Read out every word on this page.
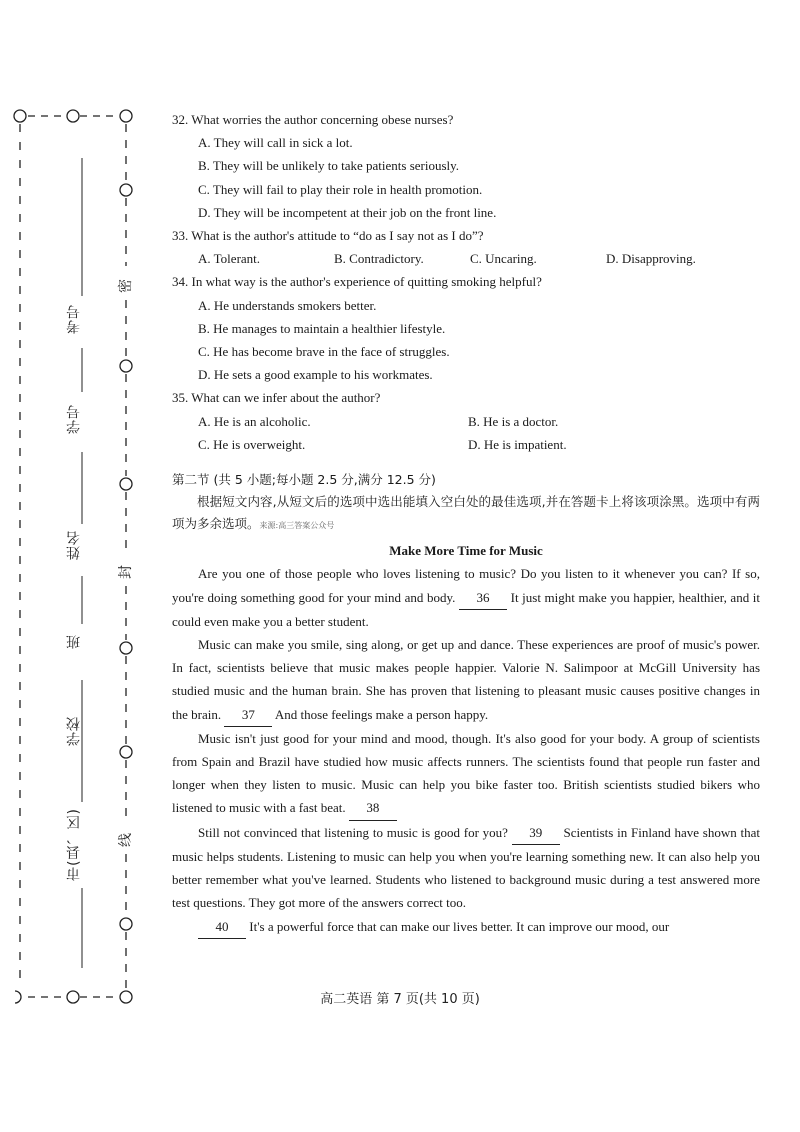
考号
学号
姓名
班
学校
市(县、区)
密
封
线

32. What worries the author concerning obese nurses?

A. They will call in sick a lot.

B. They will be unlikely to take patients seriously.

C. They will fail to play their role in health promotion.

D. They will be incompetent at their job on the front line.

33. What is the author's attitude to “do as I say not as I do”?

A. Tolerant.	B. Contradictory.	C. Uncaring.	D. Disapproving.

34. In what way is the author's experience of quitting smoking helpful?

A. He understands smokers better.

B. He manages to maintain a healthier lifestyle.

C. He has become brave in the face of struggles.

D. He sets a good example to his workmates.

35. What can we infer about the author?

A. He is an alcoholic.	B. He is a doctor.
C. He is overweight.	D. He is impatient.

第二节 (共 5 小题;每小题 2.5 分,满分 12.5 分)

根据短文内容,从短文后的选项中选出能填入空白处的最佳选项,并在答题卡上将该项涂黑。选项中有两项为多余选项。来源:高三答案公众号

Make More Time for Music

Are you one of those people who loves listening to music? Do you listen to it whenever you can? If so, you're doing something good for your mind and body. 36 It just might make you happier, healthier, and it could even make you a better student.

Music can make you smile, sing along, or get up and dance. These experiences are proof of music's power. In fact, scientists believe that music makes people happier. Valorie N. Salimpoor at McGill University has studied music and the human brain. She has proven that listening to pleasant music causes positive changes in the brain. 37 And those feelings make a person happy.

Music isn't just good for your mind and mood, though. It's also good for your body. A group of scientists from Spain and Brazil have studied how music affects runners. The scientists found that people run faster and longer when they listen to music. Music can help you bike faster too. British scientists studied bikers who listened to music with a fast beat. 38

Still not convinced that listening to music is good for you? 39 Scientists in Finland have shown that music helps students. Listening to music can help you when you're learning something new. It can also help you better remember what you've learned. Students who listened to background music during a test answered more test questions. They got more of the answers correct too.

40 It's a powerful force that can make our lives better. It can improve our mood, our

高二英语 第 7 页(共 10 页)
